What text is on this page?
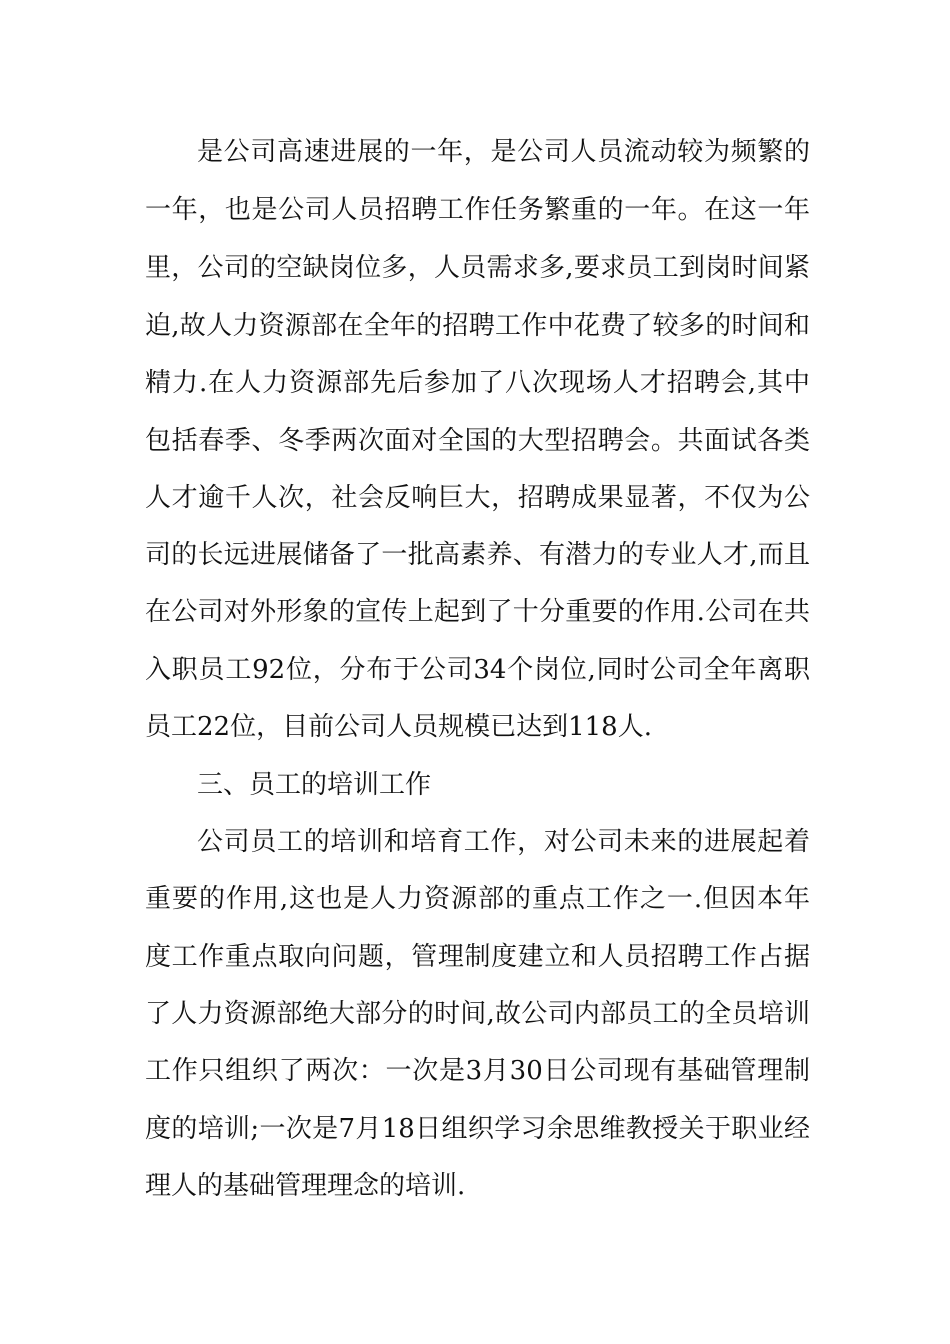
是公司高速进展的一年，是公司人员流动较为频繁的
一年，也是公司人员招聘工作任务繁重的一年。在这一年
里，公司的空缺岗位多，人员需求多,要求员工到岗时间紧
迫,故人力资源部在全年的招聘工作中花费了较多的时间和
精力.在人力资源部先后参加了八次现场人才招聘会,其中
包括春季、冬季两次面对全国的大型招聘会。共面试各类
人才逾千人次，社会反响巨大，招聘成果显著，不仅为公
司的长远进展储备了一批高素养、有潜力的专业人才,而且
在公司对外形象的宣传上起到了十分重要的作用.公司在共
入职员工92位，分布于公司34个岗位,同时公司全年离职
员工22位，目前公司人员规模已达到118人.
三、员工的培训工作
公司员工的培训和培育工作，对公司未来的进展起着
重要的作用,这也是人力资源部的重点工作之一.但因本年
度工作重点取向问题，管理制度建立和人员招聘工作占据
了人力资源部绝大部分的时间,故公司内部员工的全员培训
工作只组织了两次：一次是3月30日公司现有基础管理制
度的培训;一次是7月18日组织学习余思维教授关于职业经
理人的基础管理理念的培训.
